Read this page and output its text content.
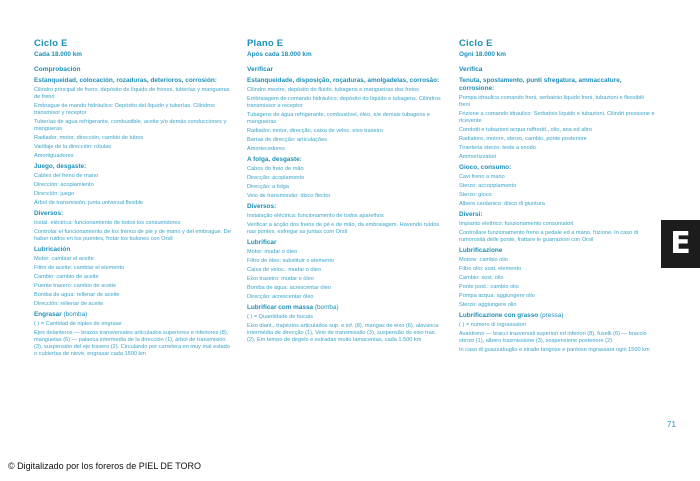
Ciclo E
Cada 18.000 km
Comprobación
Estanqueidad, colocación, rozaduras, deterioros, corrosión:
Cilindro principal de freno, depósito de líquido de frenos, tuberías y mangueras de freno
Embrague de mando hidráulico: Depósito del líquido y tuberías. Cilindros transmisor y receptor
Tuberías de agua refrigerante, combustible, aceite y/o demás conducciones y mangueras
Radiador, motor, dirección, cambio de tubos
Varillaje de la dirección: rótulas
Amortiguadores
Juego, desgaste:
Cables del freno de mano
Dirección: acoplamiento
Dirección: juego
Árbol de transmisión: junta universal flexible
Diversos:
Instal. eléctrica: funcionamiento de todos los consumidores
Controlar el funcionamiento de los frenos de pie y de mano y del embrague. De haber ruidos en los puentes, frotar los bulones con Orsil
Lubricación
Motor: cambiar el aceite
Filtro de aceite: cambiar el elemento
Cambio: cambio de aceite
Puente trasero: cambio de aceite
Bomba de agua: rellenar de aceite
Dirección: rellenar de aceite
Engrasar (bomba)
( ) = Cantidad de niples de engrase
Ejes delanteros — brazos transversales articulados superiores e inferiores (8), manguetas (6) — palanca intermedia de la dirección (1), árbol de transmisión (3), suspensión del eje trasero (2). Circulando por carretera en muy mal estado o cubiertas de nieve, engrasar cada 1500 km
Plano E
Após cada 18.000 km
Verificar
Estanqueidade, disposição, roçaduras, amolgadelas, corrosão:
Cilindro mestre, depósito do fluido, tubagens e mangueiras dos freios
Embraiagem de comando hidráulico: depósito do líquido e tubagens. Cilindros transmissor e receptor
Tubagens de água refrigerante, combustível, óleo, e/e demais tubagens e mangueiras
Radiador, motor, direcção, caixa de veloc. eixo traseiro
Barras de direcção: articulações
Amortecedores
A folga, desgaste:
Cabos do freio de mão
Direcção: acoplamento
Direcção: a folga
Veio de transmissão: disco flector
Diversos:
Instalação eléctrica: funcionamento de todos aparelhos
Verificar a acção dos freios de pé e de mão, da embraiagem. Havendo ruídos nas pontes, esfregar as juntas com Orsil
Lubrificar
Motor: mudar o óleo
Filtro de óleo: substituir o elemento
Caixa de veloc.: mudar o óleo
Eixo traseiro: mudar o óleo
Bomba de água: acrescentar óleo
Direcção: acrescentar óleo
Lubrificar com massa (bomba)
( ) = Quantidade de bocais
Eixo diant., trapézios articulados sup. e inf. (8), mangas de eixo (6), alavanca intermédia de direcção (1), Veio de transmissão (3), suspensão do eixo tras. (2). Em tempo de degelo e estradas muito lamacentas, cada 1.500 km
Ciclo E
Ogni 18.000 km
Verifica
Tenuta, spostamento, punti sfregatura, ammaccature, corrosione:
Pompa idraulica comando freni, serbatoio liquido freni, tubazioni e flessibili freni
Frizione a comando idraulico: Serbatoio liquido e tubazioni. Cilindri pressione e ricevente
Condotti e tubazioni acqua raffredd., olio, aria ed altro
Radiatore, motore, sterzo, cambio, ponte posteriore
Tiranteria sterzo: teste a snodo
Ammortizzatori
Gioco, consumo:
Cavi freno a mano
Sterzo: accoppiamento
Sterzo: gioco
Albero cardanico: disco di giuntura
Diversi:
Impianto elettrico: funzionamento consumatori
Controllare funzionamento freno a pedale ed a mano, frizione. In caso di rumorosità delle ponte, frattare le guarnizioni con Orsil
Lubrificazione
Motore: cambio olio
Filtro olio: sost. elemento
Cambio: sost. olio
Ponte post.: cambio olio
Pompa acqua: aggiungere olio
Sterzo: aggiungere olio
Lubrificazione con grasso (pressa)
( ) = numero di ingrassatori
Avantreno — bracci trasversali superiori ed inferiori (8), fuselli (6) — braccio sterzo (1), albero trasmissione (3), sospensione posteriore (2)
In caso di guazzabuglio e strade fangose e pantose ingrassare ogni 1500 km
E
71
© Digitalizado por los foreros de PIEL DE TORO
